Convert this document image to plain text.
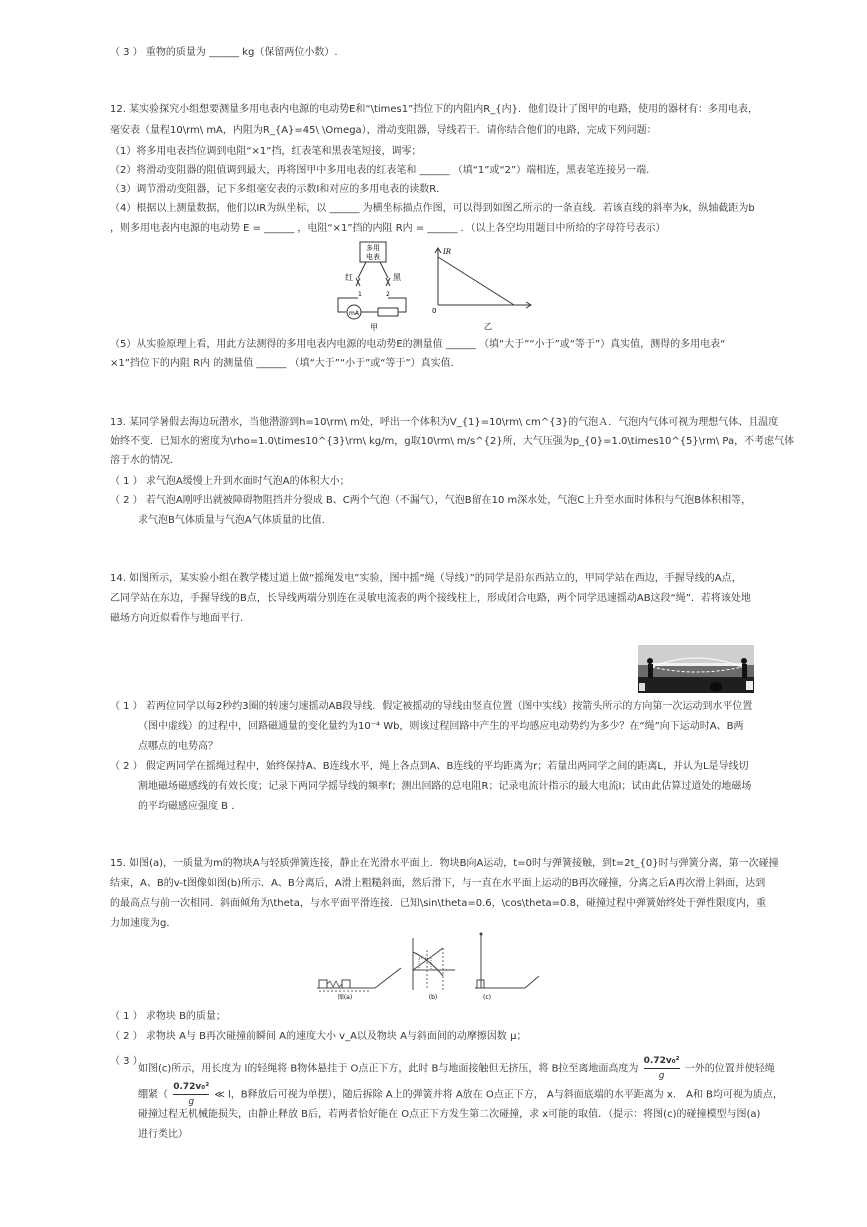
（ 3 ） 重物的质量为 ______ kg（保留两位小数）.
12. 某实验探究小组想要测量多用电表内电源的电动势E和“\times1”挡位下的内阻内R_{内}．他们设计了图甲的电路，使用的器材有：多用电表，
毫安表（量程10\rm\ mA，内阻为R_{A}=45\ \Omega），滑动变阻器，导线若干．请你结合他们的电路，完成下列问题：
（1）将多用电表挡位调到电阻“×1”挡，红表笔和黑表笔短接，调零；
（2）将滑动变阻器的阻值调到最大，再将图甲中多用电表的红表笔和 ______ （填“1”或“2”）端相连，黑表笔连接另一端．
（3）调节滑动变阻器，记下多组毫安表的示数I和对应的多用电表的读数R．
（4）根据以上测量数据，他们以IR为纵坐标，以 ______ 为横坐标描点作图，可以得到如图乙所示的一条直线．若该直线的斜率为k，纵轴截距为b
，则多用电表内电源的电动势 E = ______ ，电阻“×1”挡的内阻 R内 = ______ ．（以上各空均用题目中所给的字母符号表示）
多用
电表
红	黑
1	2
mA
甲
IR
0
乙
（5）从实验原理上看，用此方法测得的多用电表内电源的电动势E的测量值 ______ （填“大于”“小于”或“等于”）真实值，测得的多用电表“
×1”挡位下的内阻 R内 的测量值 ______ （填“大于”“小于”或“等于”）真实值．
13. 某同学暑假去海边玩潜水，当他潜游到h=10\rm\ m处，呼出一个体积为V_{1}=10\rm\ cm^{3}的气泡Ａ．气泡内气体可视为理想气体、且温度
始终不变．已知水的密度为\rho=1.0\times10^{3}\rm\ kg/m，g取10\rm\ m/s^{2}所，大气压强为p_{0}=1.0\times10^{5}\rm\ Pa，不考虑气体
溶于水的情况．
（ 1 ） 求气泡A缓慢上升到水面时气泡A的体积大小；
（ 2 ） 若气泡A刚呼出就被障碍物阻挡并分裂成 B、C两个气泡（不漏气），气泡B留在10 m深水处，气泡C上升至水面时体积与气泡B体积相等，
求气泡B气体质量与气泡A气体质量的比值．
14. 如图所示，某实验小组在教学楼过道上做“摇绳发电”实验，图中摇“绳（导线）”的同学是沿东西站立的，甲同学站在西边，手握导线的A点，
乙同学站在东边，手握导线的B点，长导线两端分别连在灵敏电流表的两个接线柱上，形成闭合电路，两个同学迅速摇动AB这段“绳”．若将该处地
磁场方向近似看作与地面平行．
（ 1 ） 若两位同学以每2秒约3圈的转速匀速摇动AB段导线．假定被摇动的导线由竖直位置（图中实线）按箭头所示的方向第一次运动到水平位置
（图中虚线）的过程中，回路磁通量的变化量约为10⁻⁴ Wb，则该过程回路中产生的平均感应电动势约为多少？在“绳”向下运动时A、B两
点哪点的电势高？
（ 2 ） 假定两同学在摇绳过程中，始终保持A、B连线水平，绳上各点到A、B连线的平均距离为r；若量出两同学之间的距离L，并认为L是导线切
割地磁场磁感线的有效长度；记录下两同学摇导线的频率f；测出回路的总电阻R；记录电流计指示的最大电流I；试由此估算过道处的地磁场
的平均磁感应强度 B ．
15. 如图(a)，一质量为m的物块A与轻质弹簧连接，静止在光滑水平面上．物块B向A运动，t=0时与弹簧接触，到t=2t_{0}时与弹簧分离，第一次碰撞
结束，A、B的v-t图像如图(b)所示．A、B分离后，A滑上粗糙斜面，然后滑下，与一直在水平面上运动的B再次碰撞，分离之后A再次滑上斜面，达到
的最高点与前一次相同．斜面倾角为\theta，与水平面平滑连接．已知\sin\theta=0.6，\cos\theta=0.8，碰撞过程中弹簧始终处于弹性限度内，重
力加速度为g．
图(a)	(b)	(c)
（ 1 ） 求物块 B的质量；
（ 2 ） 求物块 A与 B再次碰撞前瞬间 A的速度大小 v_A以及物块 A与斜面间的动摩擦因数 μ；
（ 3 ）
如图(c)所示，用长度为 l的轻绳将 B物体悬挂于 O点正下方，此时 B与地面接触但无挤压，将 B拉至离地面高度为 $\frac{\text{0.72v₀²}}{g}$ 一外的位置并使轻绳
绷紧（ $\frac{\text{0.72v₀²}}{g}$ ≪ l，B释放后可视为单摆），随后拆除 A上的弹簧并将 A放在 O点正下方， A与斜面底端的水平距离为 x． A和 B均可视为质点，
碰撞过程无机械能损失，由静止释放 B后，若两者恰好能在 O点正下方发生第二次碰撞，求 x可能的取值．（提示：将图(c)的碰撞模型与图(a)
进行类比）
